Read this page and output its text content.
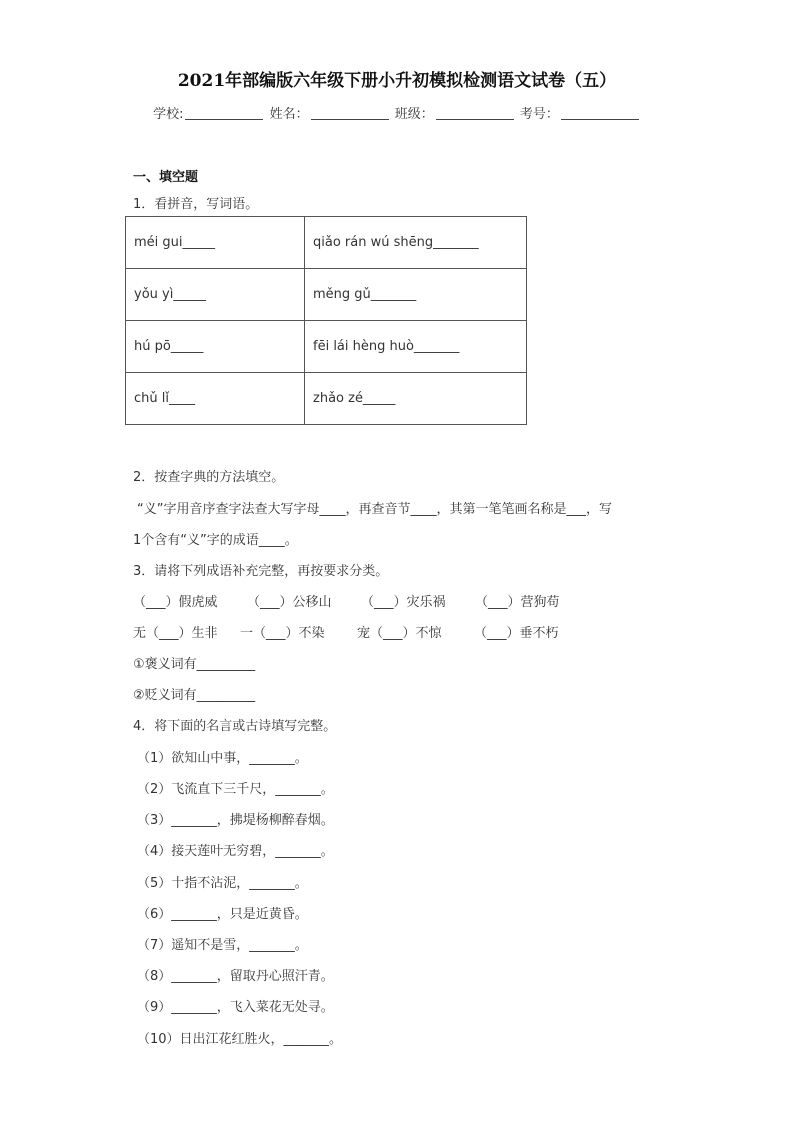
2021年部编版六年级下册小升初模拟检测语文试卷（五）
学校:	姓名：	班级：	考号：
一、填空题
1．看拼音，写词语。
méi gui_____	qiǎo rán wú shēng_______
yǒu yì_____	měng gǔ_______
hú pō_____	fēi lái hèng huò_______
chǔ lǐ____	zhǎo zé_____
2．按查字典的方法填空。
“义”字用音序查字法查大写字母____，再查音节____，其第一笔笔画名称是___，写
1个含有“义”字的成语____。
3．请将下列成语补充完整，再按要求分类。
（___）假虎威 （___）公移山 （___）灾乐祸 （___）营狗苟
无（___）生非 一（___）不染 宠（___）不惊 （___）垂不朽
①褒义词有_________
②贬义词有_________
4．将下面的名言或古诗填写完整。
（1）欲知山中事，_______。
（2）飞流直下三千尺，_______。
（3）_______，拂堤杨柳醉春烟。
（4）接天莲叶无穷碧，_______。
（5）十指不沾泥，_______。
（6）_______，只是近黄昏。
（7）遥知不是雪，_______。
（8）_______，留取丹心照汗青。
（9）_______，飞入菜花无处寻。
（10）日出江花红胜火，_______。
